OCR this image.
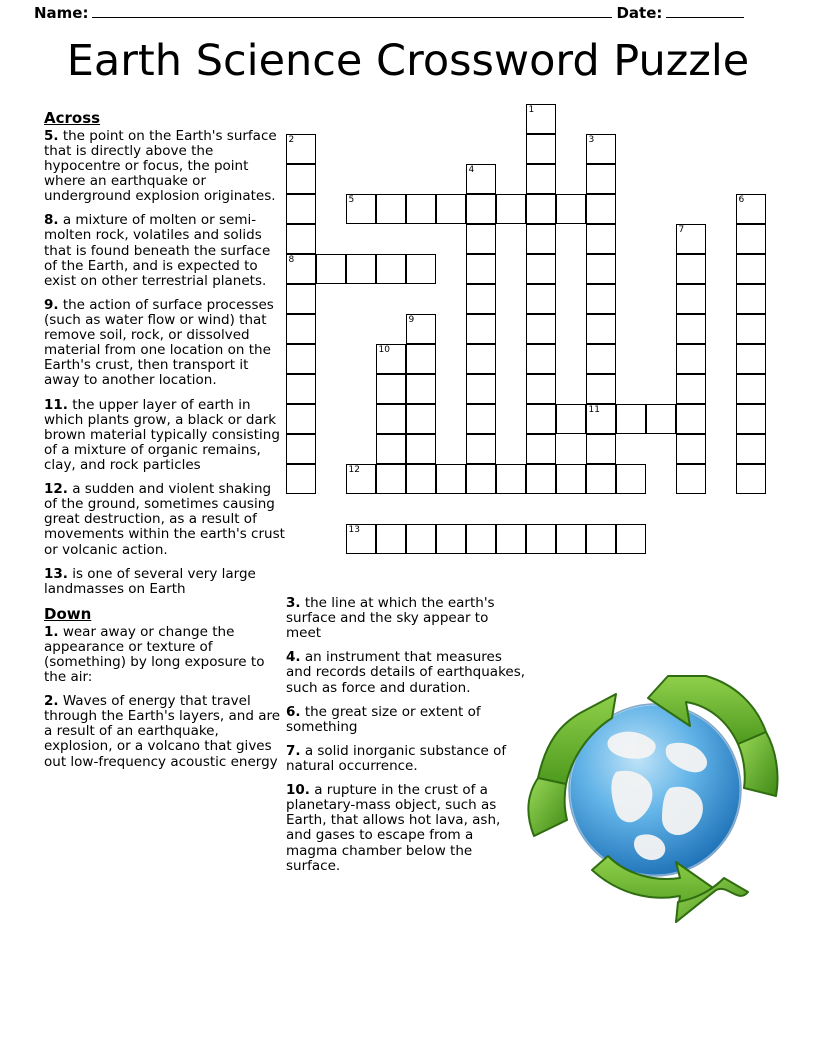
Name:	Date:
Earth Science Crossword Puzzle
Across

5. the point on the Earth's surface that is directly above the hypocentre or focus, the point where an earthquake or underground explosion originates.

8. a mixture of molten or semi-molten rock, volatiles and solids that is found beneath the surface of the Earth, and is expected to exist on other terrestrial planets.

9. the action of surface processes (such as water flow or wind) that remove soil, rock, or dissolved material from one location on the Earth's crust, then transport it away to another location.

11. the upper layer of earth in which plants grow, a black or dark brown material typically consisting of a mixture of organic remains, clay, and rock particles

12. a sudden and violent shaking of the ground, sometimes causing great destruction, as a result of movements within the earth's crust or volcanic action.

13. is one of several very large landmasses on Earth

Down

1. wear away or change the appearance or texture of (something) by long exposure to the air:

2. Waves of energy that travel through the Earth's layers, and are a result of an earthquake, explosion, or a volcano that gives out low-frequency acoustic energy

3. the line at which the earth's surface and the sky appear to meet

4. an instrument that measures and records details of earthquakes, such as force and duration.

6. the great size or extent of something

7. a solid inorganic substance of natural occurrence.

10. a rupture in the crust of a planetary-mass object, such as Earth, that allows hot lava, ash, and gases to escape from a magma chamber below the surface.

1
2	3
4
5	6
7
8
9
10
11
12
13
